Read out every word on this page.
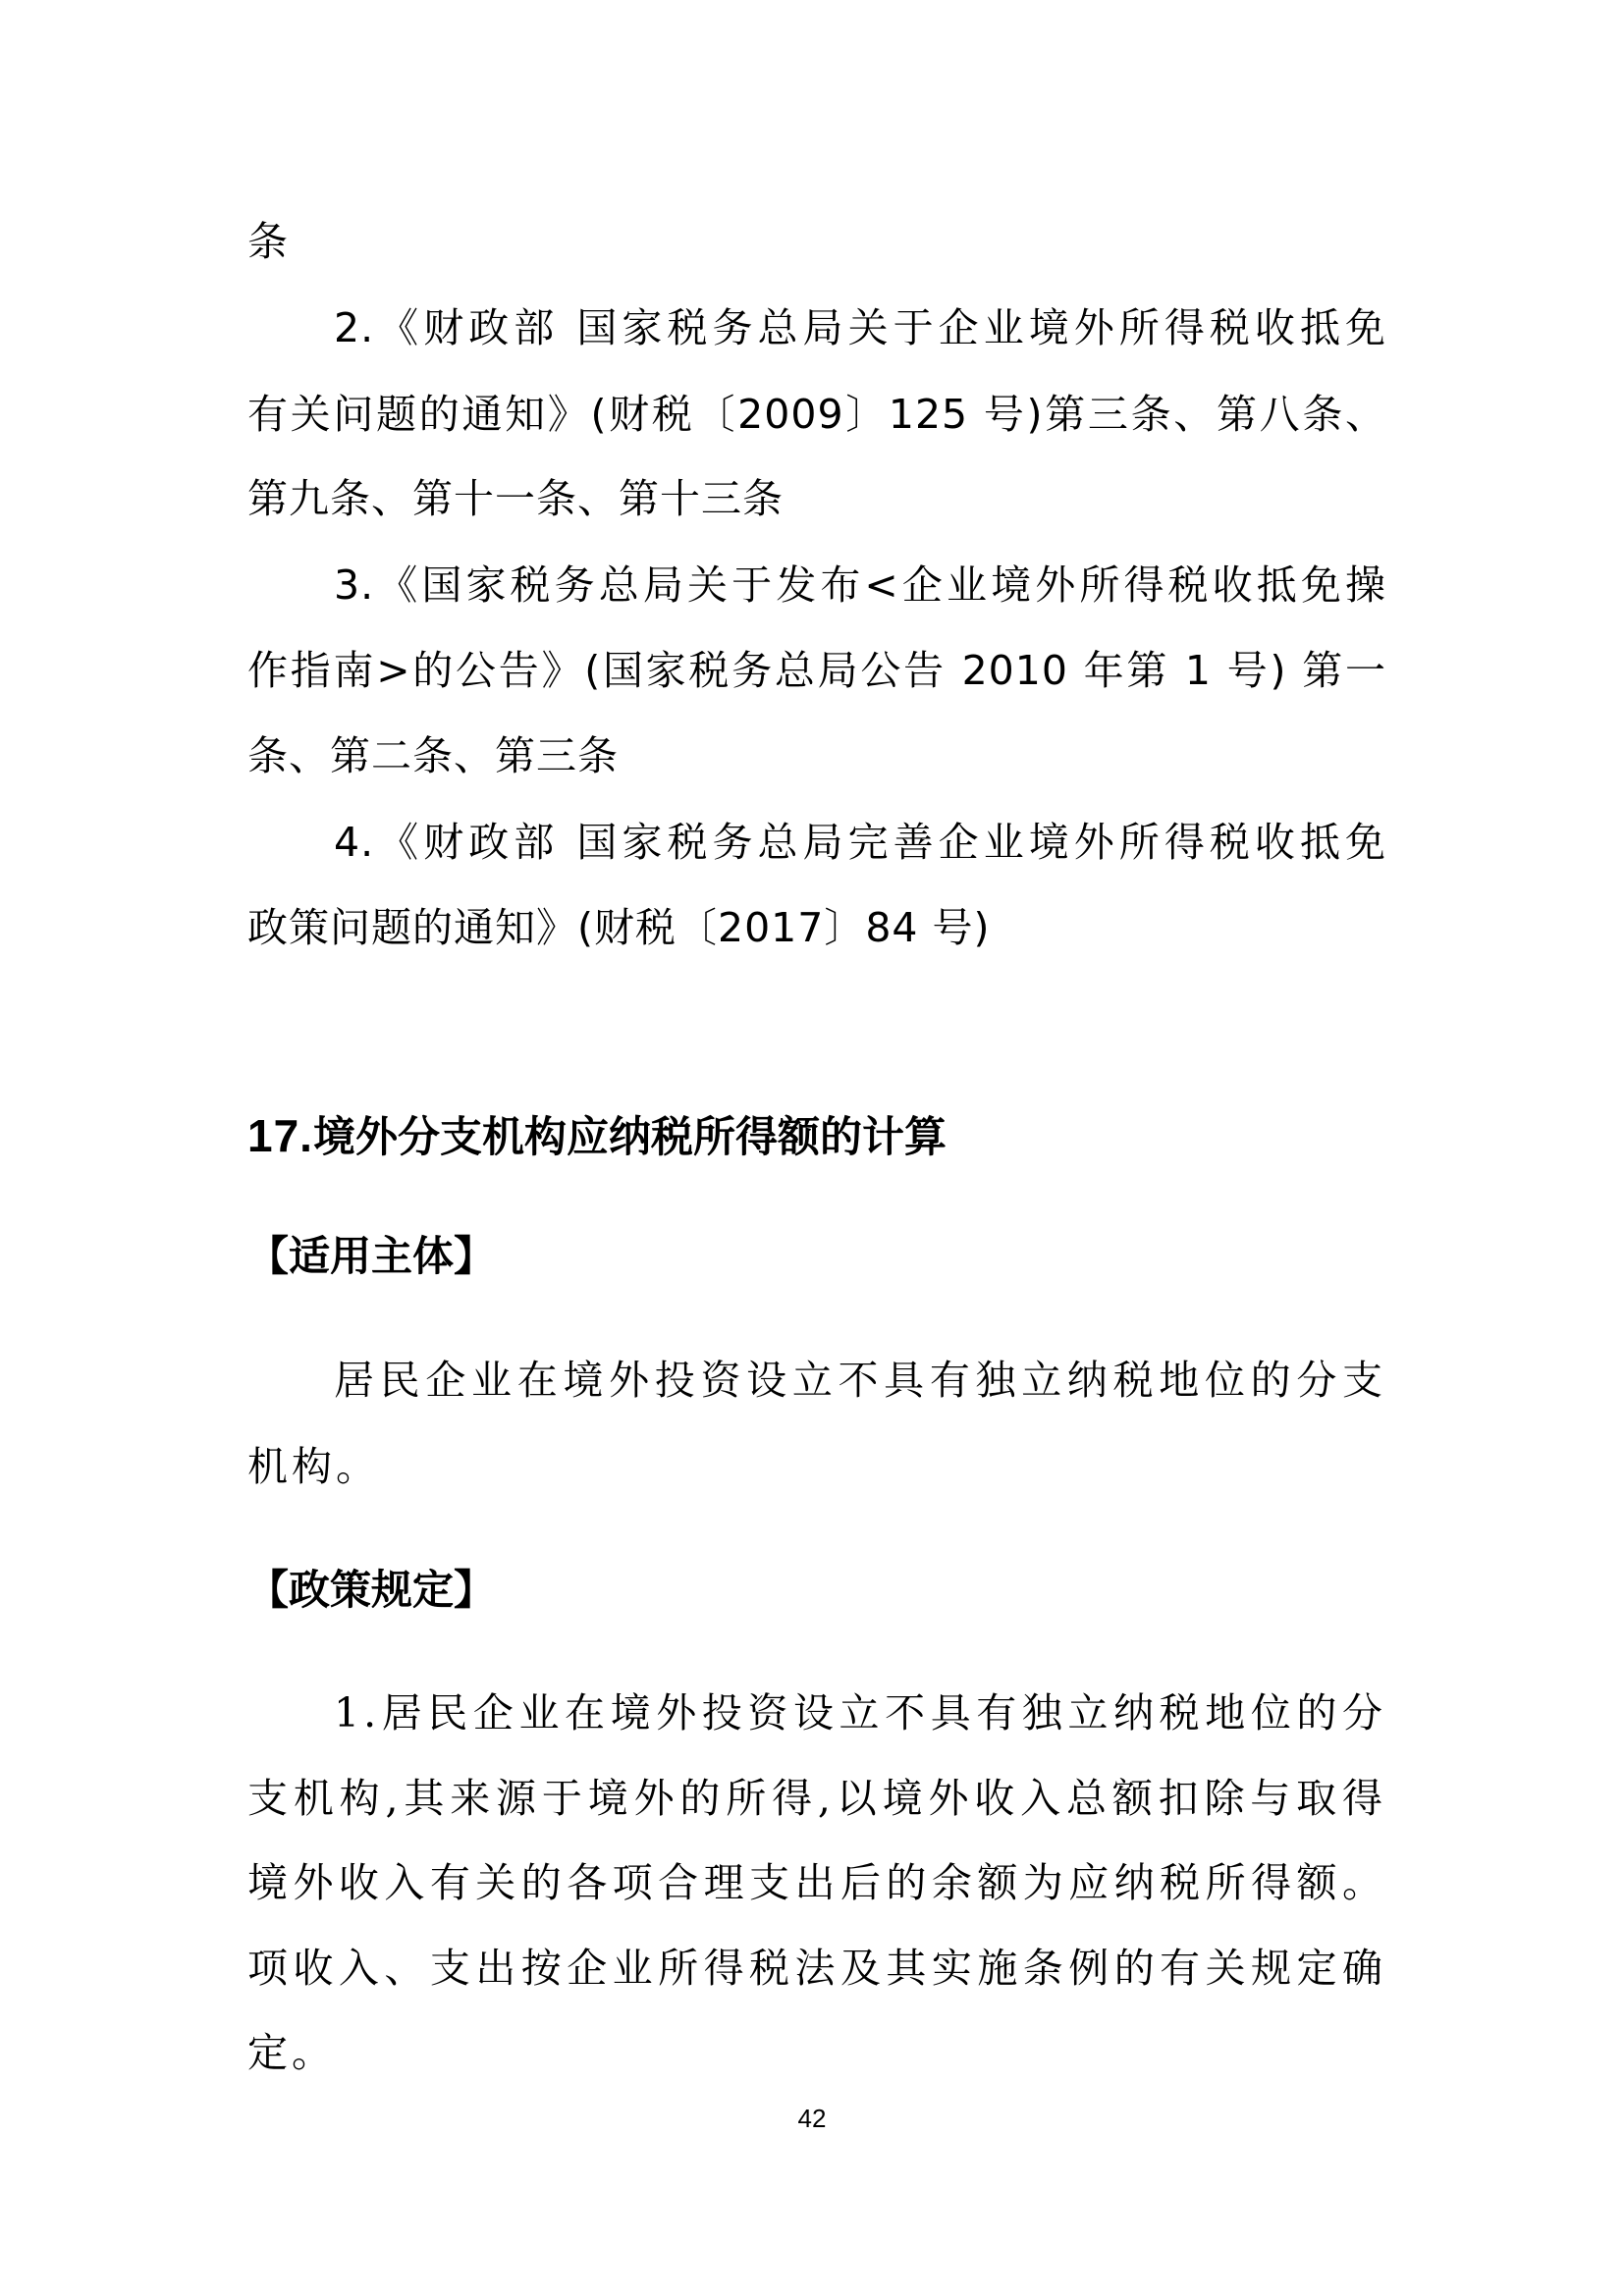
条
2.《财政部 国家税务总局关于企业境外所得税收抵免
有关问题的通知》(财税〔2009〕125 号)第三条、第八条、
第九条、第十一条、第十三条
3.《国家税务总局关于发布<企业境外所得税收抵免操
作指南>的公告》(国家税务总局公告 2010 年第 1 号) 第一
条、第二条、第三条
4.《财政部 国家税务总局完善企业境外所得税收抵免
政策问题的通知》(财税〔2017〕84 号)
17.境外分支机构应纳税所得额的计算
【适用主体】
居民企业在境外投资设立不具有独立纳税地位的分支
机构。
【政策规定】
1.居民企业在境外投资设立不具有独立纳税地位的分
支机构,其来源于境外的所得,以境外收入总额扣除与取得
境外收入有关的各项合理支出后的余额为应纳税所得额。
项收入、支出按企业所得税法及其实施条例的有关规定确
定。
42
